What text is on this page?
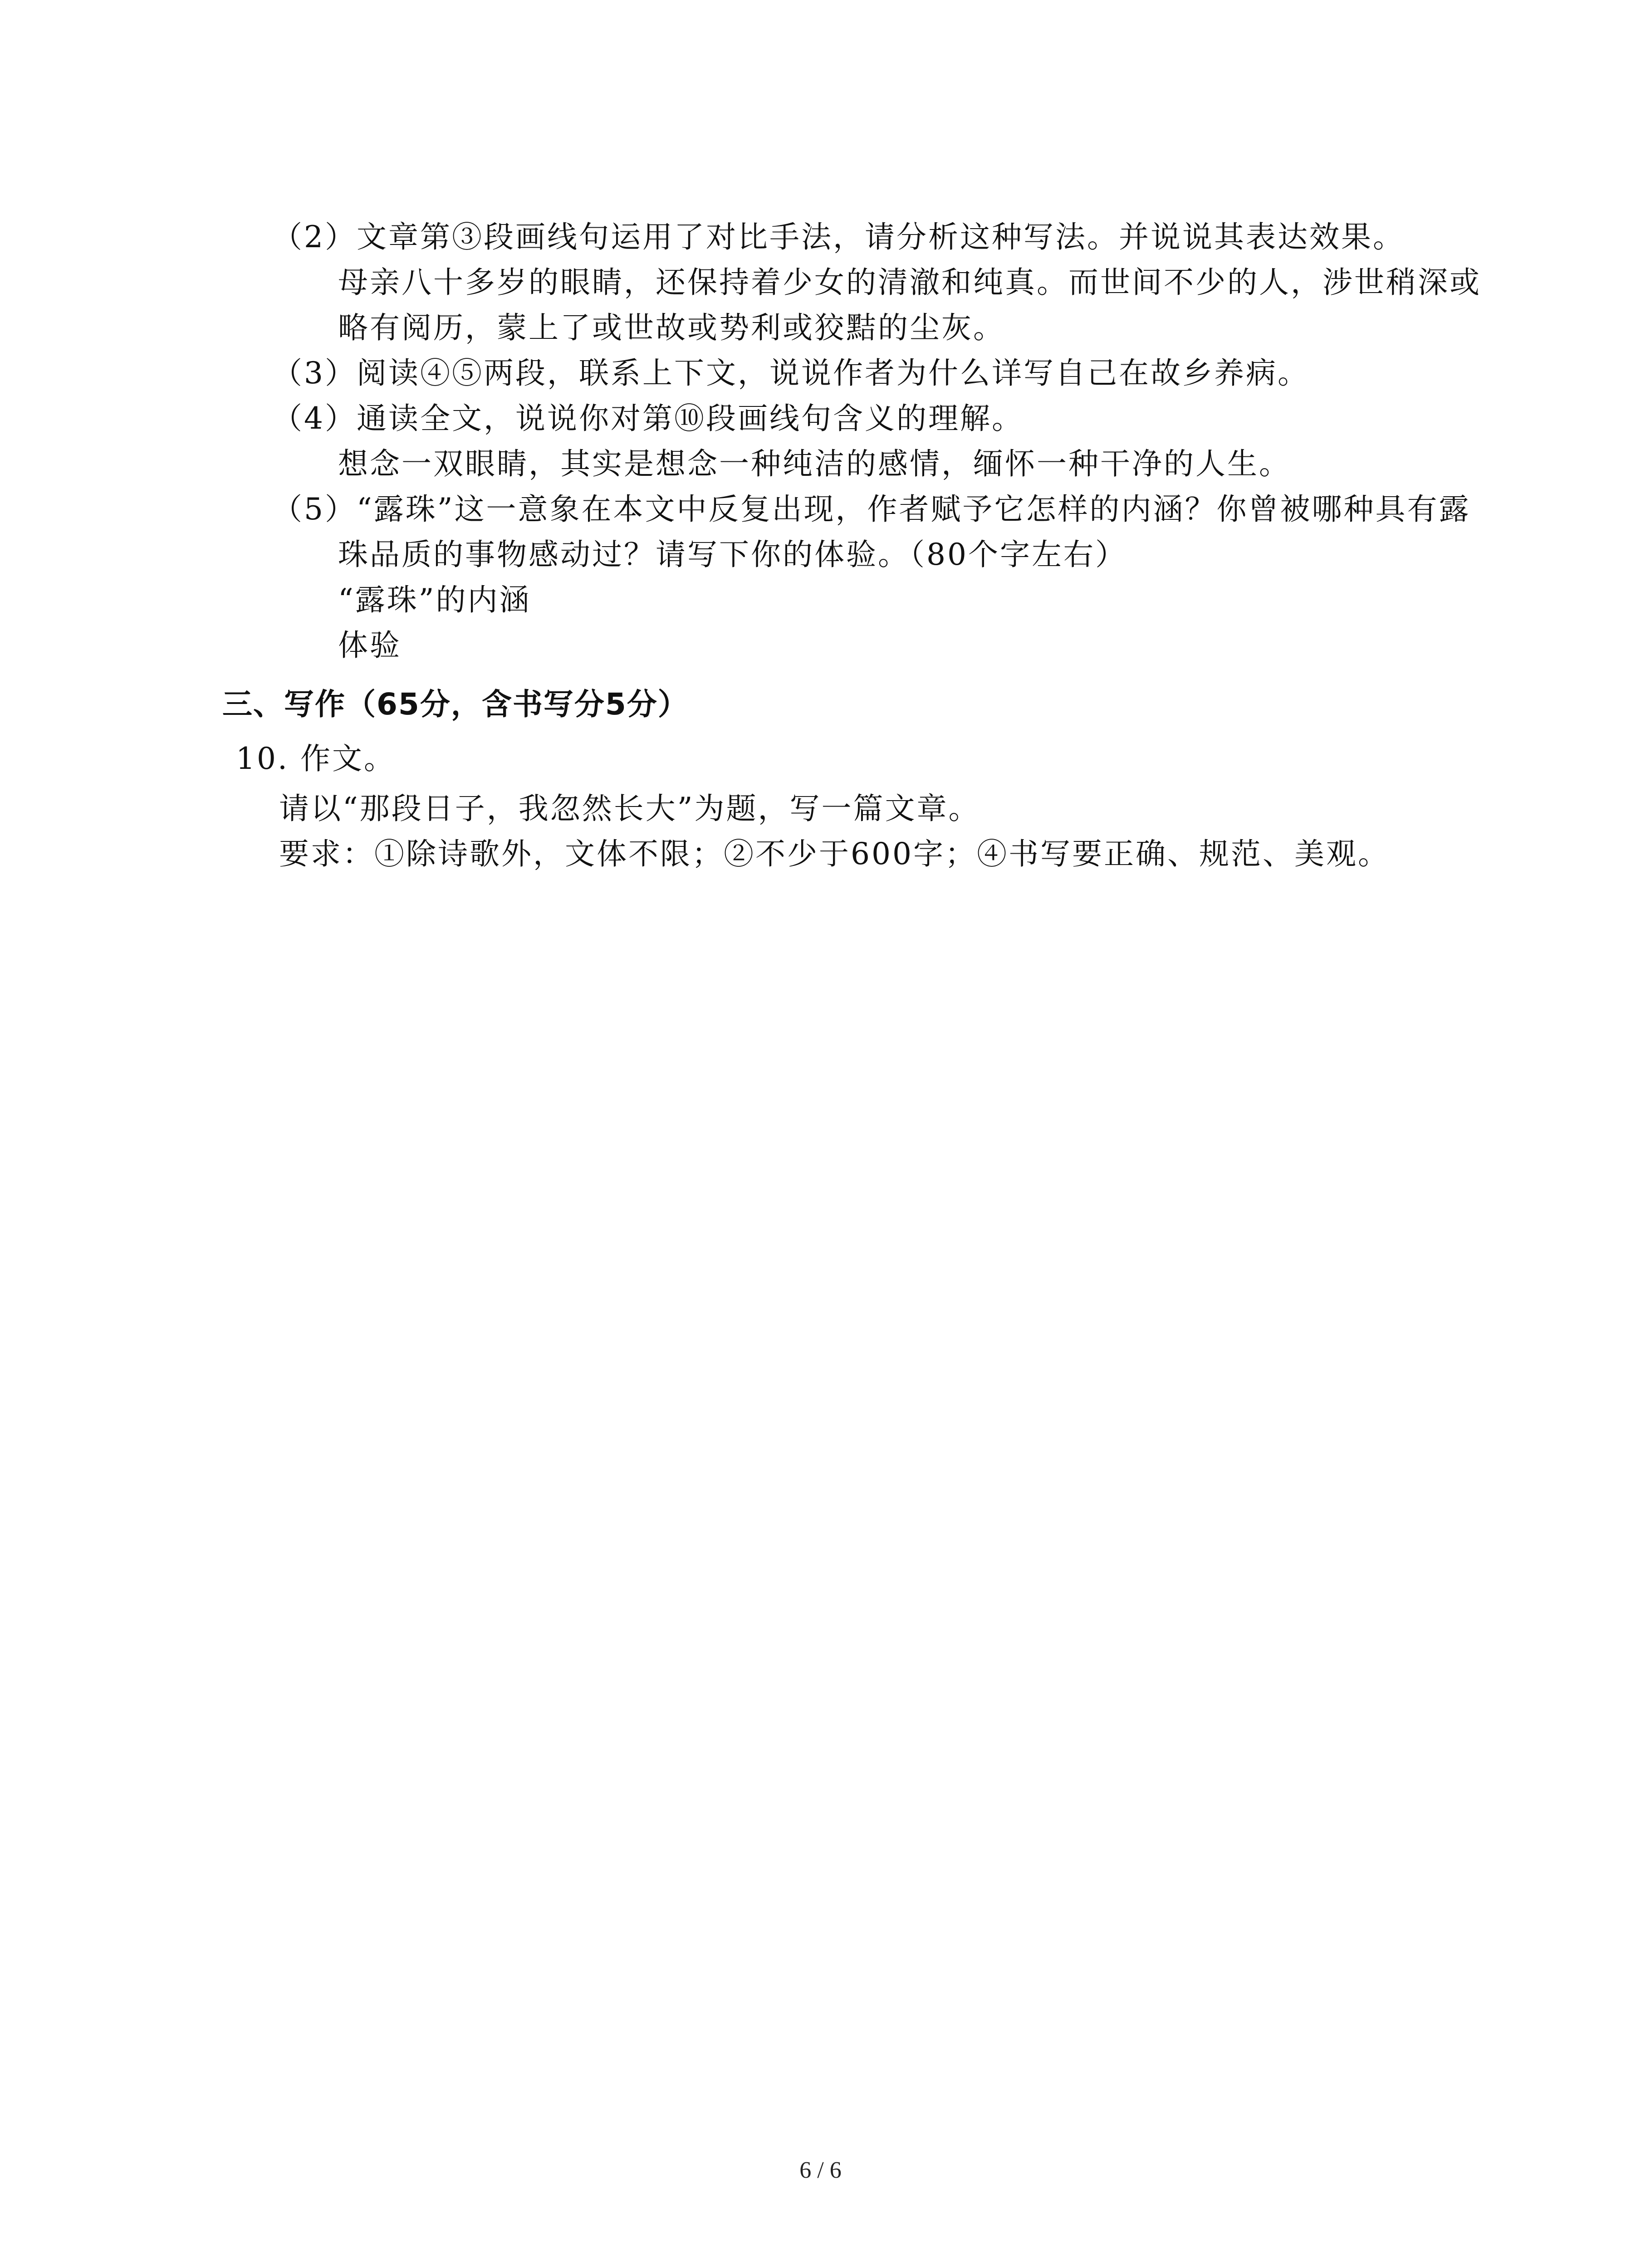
（2）文章第③段画线句运用了对比手法，请分析这种写法。并说说其表达效果。

母亲八十多岁的眼睛，还保持着少女的清澈和纯真。而世间不少的人，涉世稍深或

略有阅历，蒙上了或世故或势利或狡黠的尘灰。

（3）阅读④⑤两段，联系上下文，说说作者为什么详写自己在故乡养病。

（4）通读全文，说说你对第⑩段画线句含义的理解。

想念一双眼睛，其实是想念一种纯洁的感情，缅怀一种干净的人生。

（5）“露珠”这一意象在本文中反复出现，作者赋予它怎样的内涵？你曾被哪种具有露

珠品质的事物感动过？请写下你的体验。（80个字左右）

“露珠”的内涵

体验

三、写作（65分，含书写分5分）

10. 作文。

请以“那段日子，我忽然长大”为题，写一篇文章。

要求：①除诗歌外，文体不限；②不少于600字；④书写要正确、规范、美观。

6 / 6
